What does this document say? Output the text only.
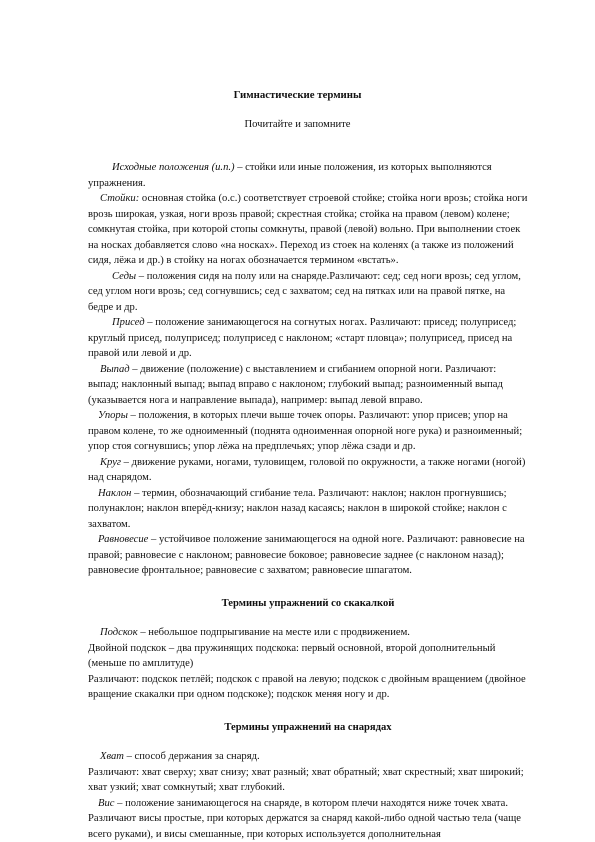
Гимнастические термины
Почитайте и запомните

Исходные положения (и.п.) – стойки или иные положения, из которых выполняются упражнения.

Стойки: основная стойка (о.с.) соответствует строевой стойке; стойка ноги врозь; стойка ноги врозь широкая, узкая, ноги врозь правой; скрестная стойка; стойка на правом (левом) колене; сомкнутая стойка, при которой стопы сомкнуты, правой (левой) вольно. При выполнении стоек на носках добавляется слово «на носках». Переход из стоек на коленях (а также из положений сидя, лёжа и др.) в стойку на ногах обозначается термином «встать».

Седы – положения сидя на полу или на снаряде.Различают: сед; сед ноги врозь; сед углом, сед углом ноги врозь; сед согнувшись; сед с захватом; сед на пятках или на правой пятке, на бедре и др.

Присед – положение занимающегося на согнутых ногах. Различают: присед; полуприсед; круглый присед, полуприсед; полуприсед с наклоном; «старт пловца»; полуприсед, присед на правой или левой и др.

Выпад – движение (положение) с выставлением и сгибанием опорной ноги. Различают: выпад; наклонный выпад; выпад вправо с наклоном; глубокий выпад; разноименный выпад (указывается нога и направление выпада), например: выпад левой вправо.

Упоры – положения, в которых плечи выше точек опоры. Различают: упор присев; упор на правом колене, то же одноименный (поднята одноименная опорной ноге рука) и разноименный; упор стоя согнувшись; упор лёжа на предплечьях; упор лёжа сзади и др.

Круг – движение руками, ногами, туловищем, головой по окружности, а также ногами (ногой) над снарядом.

Наклон – термин, обозначающий сгибание тела. Различают: наклон; наклон прогнувшись; полунаклон; наклон вперёд-книзу; наклон назад касаясь; наклон в широкой стойке; наклон с захватом.

Равновесие – устойчивое положение занимающегося на одной ноге. Различают: равновесие на правой; равновесие с наклоном; равновесие боковое; равновесие заднее (с наклоном назад); равновесие фронтальное; равновесие с захватом; равновесие шпагатом.

Термины упражнений со скакалкой

Подскок – небольшое подпрыгивание на месте или с продвижением.

Двойной подскок – два пружинящих подскока: первый основной, второй дополнительный (меньше по амплитуде)

Различают: подскок петлёй; подскок с правой на левую; подскок с двойным вращением (двойное вращение скакалки при одном подскоке); подскок меняя ногу и др.

Термины упражнений на снарядах

Хват – способ держания за снаряд.

Различают: хват сверху; хват снизу; хват разный; хват обратный; хват скрестный; хват широкий; хват узкий; хват сомкнутый; хват глубокий.

Вис – положение занимающегося на снаряде, в котором плечи находятся ниже точек хвата. Различают висы простые, при которых держатся за снаряд какой-либо одной частью тела (чаще всего руками), и висы смешанные, при которых используется дополнительная
